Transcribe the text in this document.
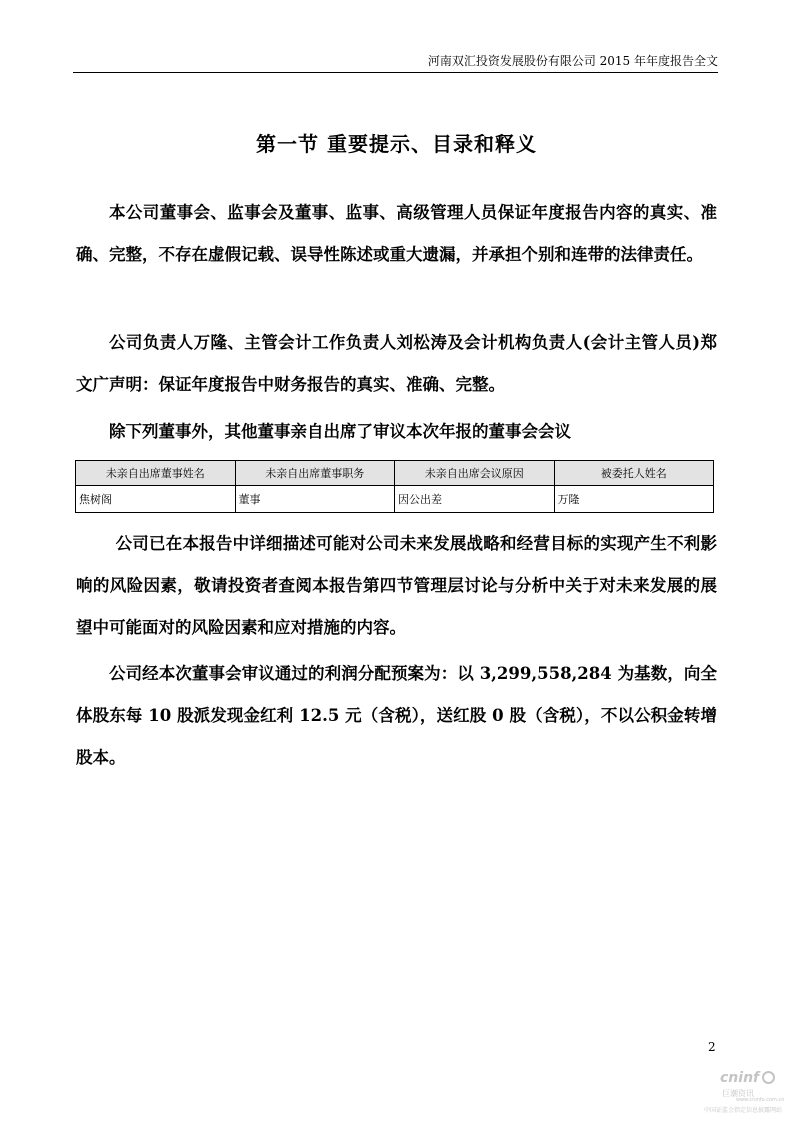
河南双汇投资发展股份有限公司 2015 年年度报告全文
第一节 重要提示、目录和释义

本公司董事会、监事会及董事、监事、高级管理人员保证年度报告内容的真实、准确、完整，不存在虚假记载、误导性陈述或重大遗漏，并承担个别和连带的法律责任。

公司负责人万隆、主管会计工作负责人刘松涛及会计机构负责人(会计主管人员)郑文广声明：保证年度报告中财务报告的真实、准确、完整。

除下列董事外，其他董事亲自出席了审议本次年报的董事会会议

未亲自出席董事姓名	未亲自出席董事职务	未亲自出席会议原因	被委托人姓名
焦树阁	董事	因公出差	万隆

公司已在本报告中详细描述可能对公司未来发展战略和经营目标的实现产生不利影响的风险因素，敬请投资者查阅本报告第四节管理层讨论与分析中关于对未来发展的展望中可能面对的风险因素和应对措施的内容。

公司经本次董事会审议通过的利润分配预案为：以 3,299,558,284 为基数，向全体股东每 10 股派发现金红利 12.5 元（含税），送红股 0 股（含税），不以公积金转增股本。

2
cninf
巨潮资讯
www.cninfo.com.cn
中国证监会指定信息披露网站
